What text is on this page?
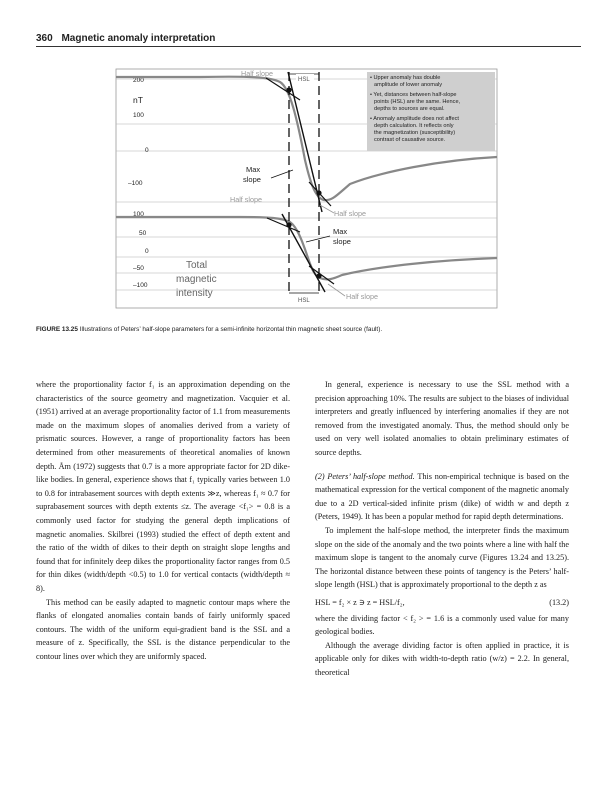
360 Magnetic anomaly interpretation
200
nT
100
0
–100
100
50
0
–50
–100
• Upper anomaly has double amplitude of lower anomaly
• Yet, distances between half-slope points (HSL) are the same. Hence, depths to sources are equal.
• Anomaly amplitude does not affect depth calculation. It reflects only the magnetization (susceptibility) contrast of causative source.
HSL
Half slope
Max slope
Half slope
HSL
Half slope
Max slope
Half slope
Total magnetic intensity
FIGURE 13.25 Illustrations of Peters’ half-slope parameters for a semi-infinite horizontal thin magnetic sheet source (fault).

where the proportionality factor f₁ is an approximation depending on the characteristics of the source geometry and magnetization. Vacquier et al. (1951) arrived at an average proportionality factor of 1.1 from measurements made on the maximum slopes of anomalies derived from a variety of prismatic sources. However, a range of proportionality factors has been determined from other measurements of theoretical anomalies of known depth. Åm (1972) suggests that 0.7 is a more appropriate factor for 2D dike-like bodies. In general, experience shows that f₁ typically varies between 1.0 to 0.8 for intrabasement sources with depth extents ≫z, whereas f₁ ≈ 0.7 for suprabasement sources with depth extents ≤z. The average <f₁> = 0.8 is a commonly used factor for studying the general depth implications of magnetic anomalies. Skilbrei (1993) studied the effect of depth extent and the ratio of the width of dikes to their depth on straight slope lengths and found that for infinitely deep dikes the proportionality factor ranges from 0.5 for thin dikes (width/depth <0.5) to 1.0 for vertical contacts (width/depth ≈ 8).

This method can be easily adapted to magnetic contour maps where the flanks of elongated anomalies contain bands of fairly uniformly spaced contours. The width of the uniform equi-gradient band is the SSL and a measure of z. Specifically, the SSL is the distance perpendicular to the contour lines over which they are uniformly spaced.

In general, experience is necessary to use the SSL method with a precision approaching 10%. The results are subject to the biases of individual interpreters and greatly influenced by interfering anomalies if they are not removed from the investigated anomaly. Thus, the method should only be used on very well isolated anomalies to obtain preliminary estimates of source depths.

(2) Peters’ half-slope method. This non-empirical technique is based on the mathematical expression for the vertical component of the magnetic anomaly due to a 2D vertical-sided infinite prism (dike) of width w and depth z (Peters, 1949). It has been a popular method for rapid depth determinations.

To implement the half-slope method, the interpreter finds the maximum slope on the side of the anomaly and the two points where a line with half the maximum slope is tangent to the anomaly curve (Figures 13.24 and 13.25). The horizontal distance between these points of tangency is the Peters’ half-slope length (HSL) that is approximately proportional to the depth z as

HSL = f₂ × z ∋ z = HSL/f₂,	(13.2)

where the dividing factor < f₂ > = 1.6 is a commonly used value for many geological bodies.

Although the average dividing factor is often applied in practice, it is applicable only for dikes with width-to-depth ratio (w/z) = 2.2. In general, theoretical
